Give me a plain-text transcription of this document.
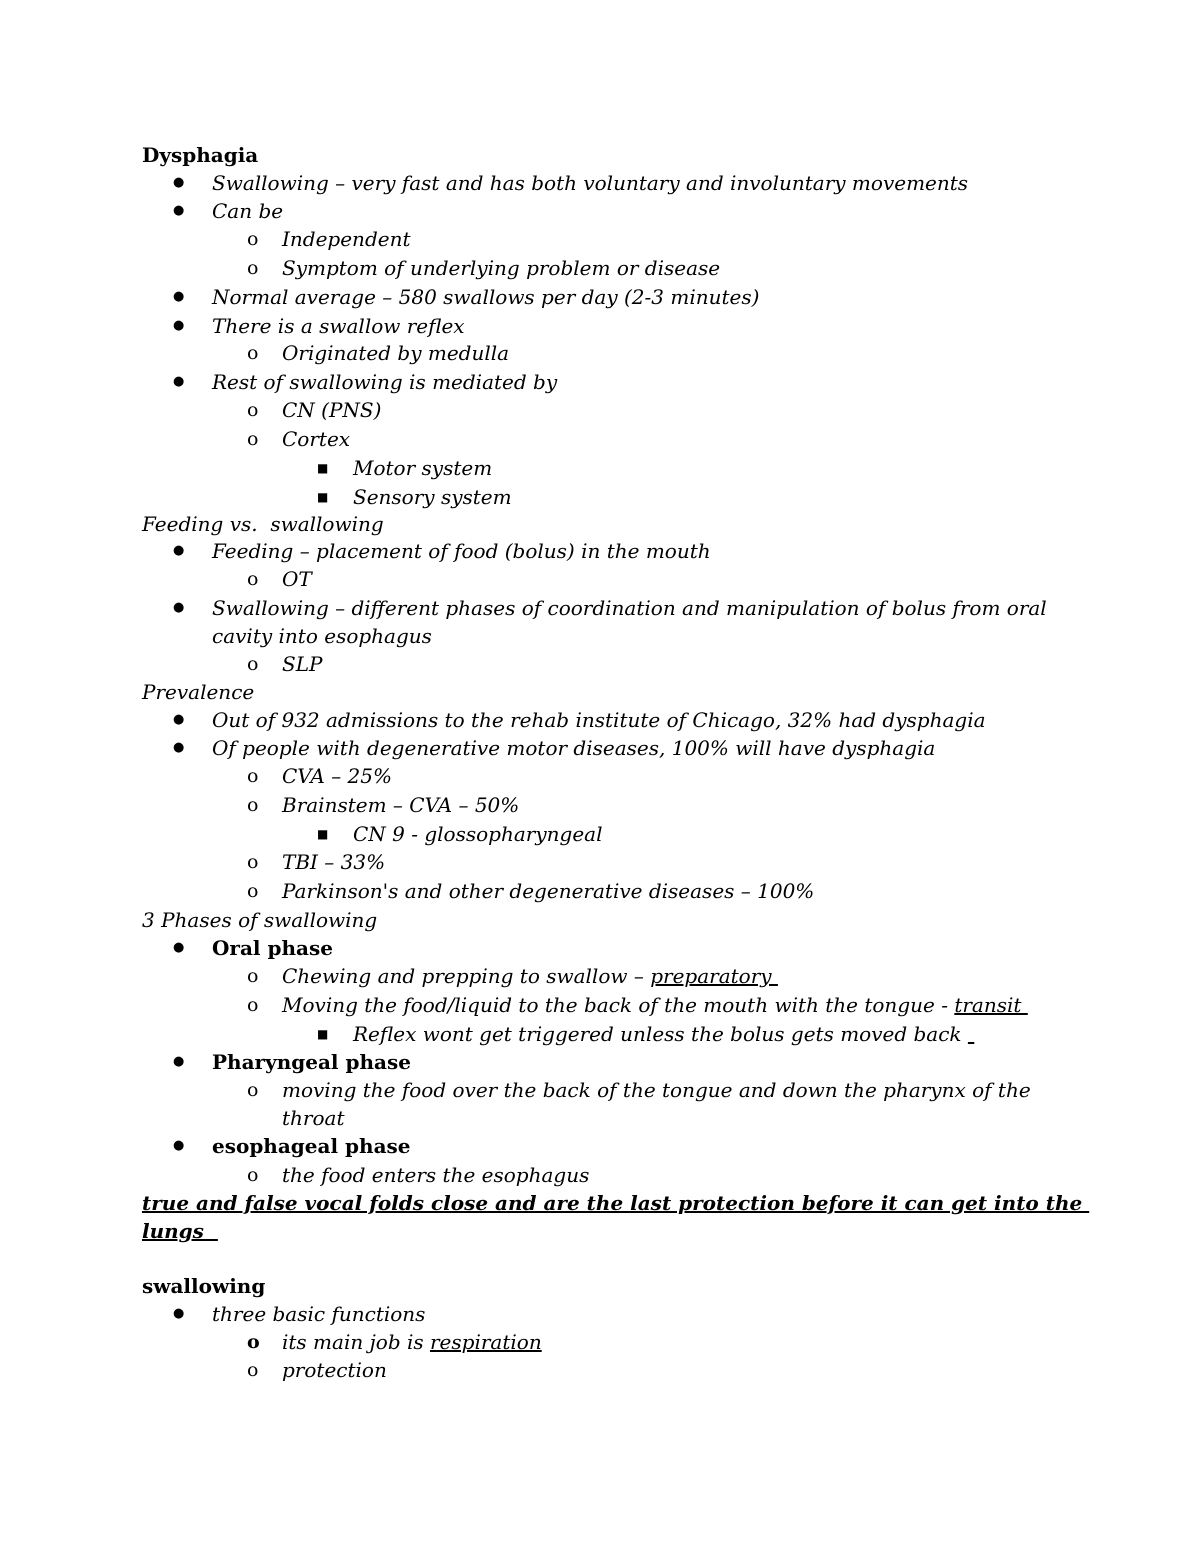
Dysphagia
● Swallowing – very fast and has both voluntary and involuntary movements
● Can be
o Independent
o Symptom of underlying problem or disease
● Normal average – 580 swallows per day (2-3 minutes)
● There is a swallow reflex
o Originated by medulla
● Rest of swallowing is mediated by
o CN (PNS)
o Cortex
■ Motor system
■ Sensory system
Feeding vs.  swallowing
● Feeding – placement of food (bolus) in the mouth
o OT
● Swallowing – different phases of coordination and manipulation of bolus from oral
cavity into esophagus
o SLP
Prevalence
● Out of 932 admissions to the rehab institute of Chicago, 32% had dysphagia
● Of people with degenerative motor diseases, 100% will have dysphagia
o CVA – 25%
o Brainstem – CVA – 50%
■ CN 9 - glossopharyngeal
o TBI – 33%
o Parkinson's and other degenerative diseases – 100%
3 Phases of swallowing
● Oral phase
o Chewing and prepping to swallow – preparatory
o Moving the food/liquid to the back of the mouth with the tongue - transit
■ Reflex wont get triggered unless the bolus gets moved back
● Pharyngeal phase
o moving the food over the back of the tongue and down the pharynx of the
throat
● esophageal phase
o the food enters the esophagus
true and false vocal folds close and are the last protection before it can get into the
lungs
swallowing
● three basic functions
o its main job is respiration
o protection
